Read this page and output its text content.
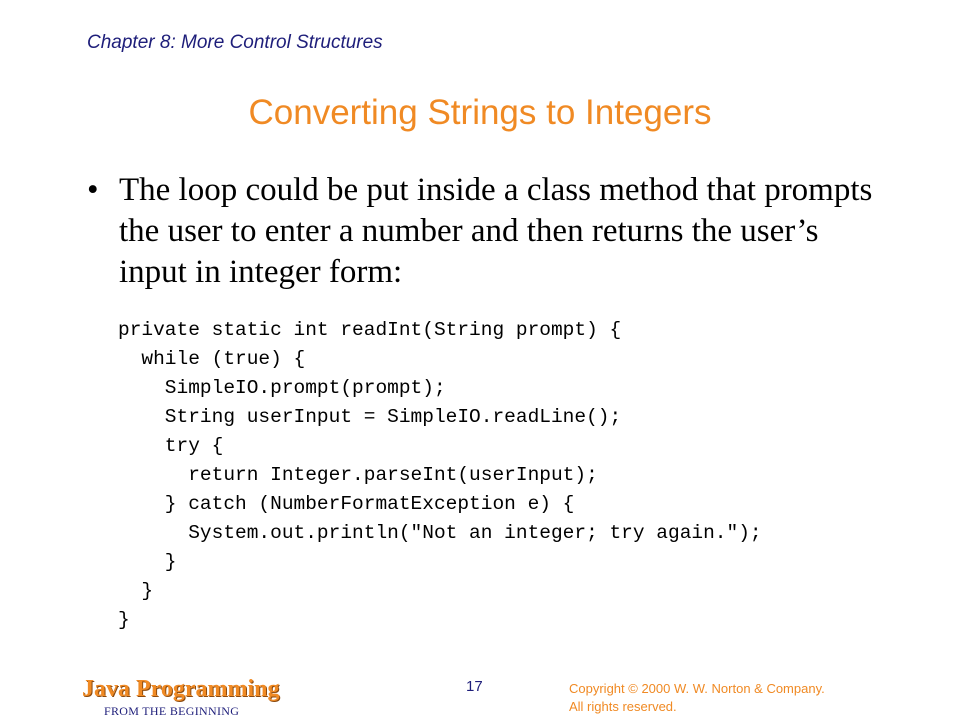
Chapter 8: More Control Structures
Converting Strings to Integers
• The loop could be put inside a class method that prompts the user to enter a number and then returns the user’s input in integer form:
private static int readInt(String prompt) {
while (true) {
SimpleIO.prompt(prompt);
String userInput = SimpleIO.readLine();
try {
return Integer.parseInt(userInput);
} catch (NumberFormatException e) {
System.out.println("Not an integer; try again.");
}
}
}
Java Programming
FROM THE BEGINNING
17	Copyright © 2000 W. W. Norton & Company.
All rights reserved.
